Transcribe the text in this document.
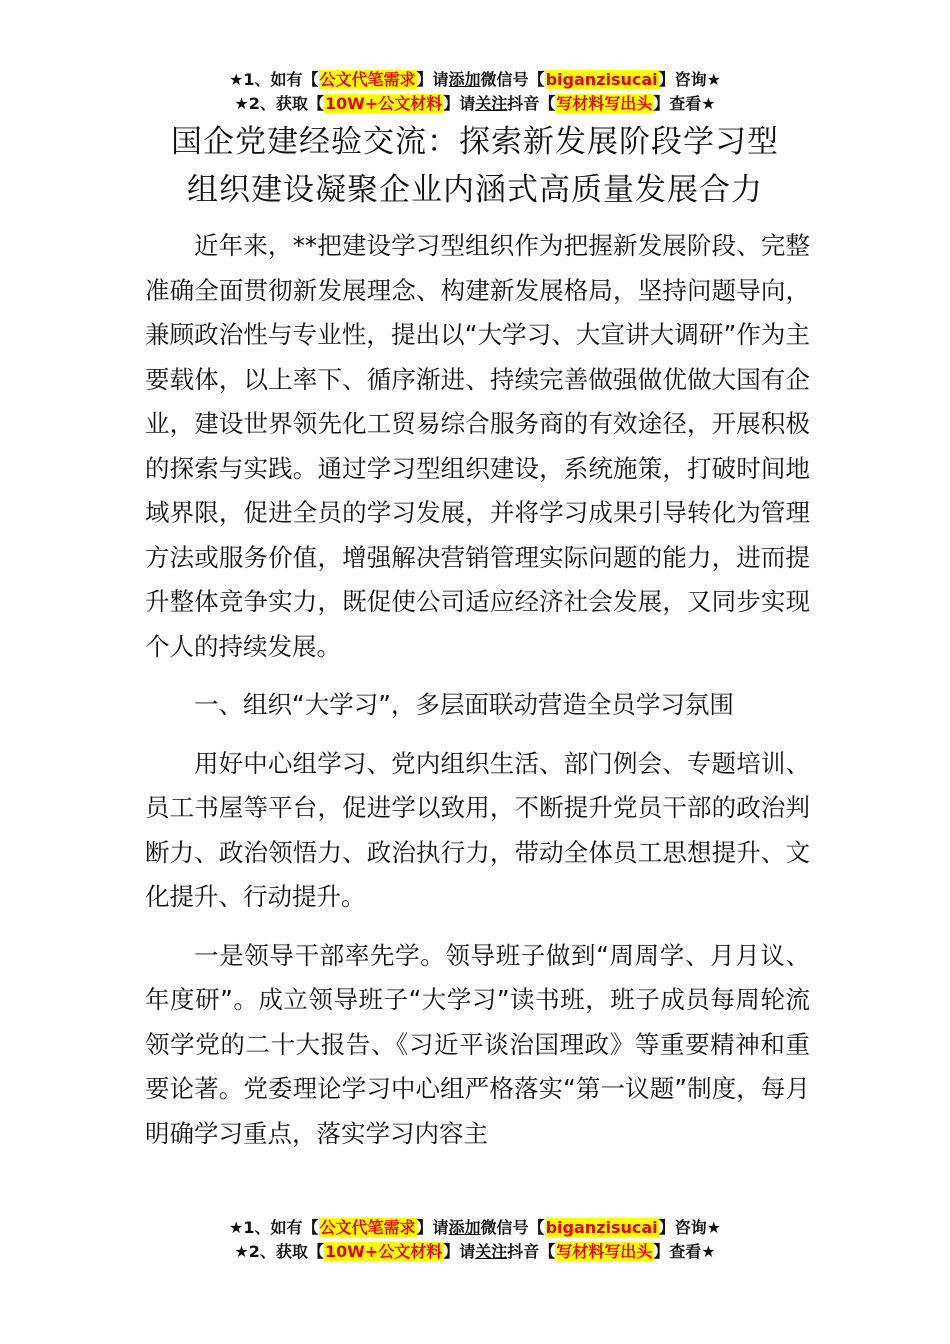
★1、如有【公文代笔需求】请添加微信号【biganzisucai】咨询★
★2、获取【10W+公文材料】请关注抖音【写材料写出头】查看★
国企党建经验交流：探索新发展阶段学习型
组织建设凝聚企业内涵式高质量发展合力

近年来，**把建设学习型组织作为把握新发展阶段、完整准确全面贯彻新发展理念、构建新发展格局，坚持问题导向，兼顾政治性与专业性，提出以“大学习、大宣讲大调研”作为主要载体，以上率下、循序渐进、持续完善做强做优做大国有企业，建设世界领先化工贸易综合服务商的有效途径，开展积极的探索与实践。通过学习型组织建设，系统施策，打破时间地域界限，促进全员的学习发展，并将学习成果引导转化为管理方法或服务价值，增强解决营销管理实际问题的能力，进而提升整体竞争实力，既促使公司适应经济社会发展，又同步实现个人的持续发展。

一、组织“大学习”，多层面联动营造全员学习氛围

用好中心组学习、党内组织生活、部门例会、专题培训、员工书屋等平台，促进学以致用，不断提升党员干部的政治判断力、政治领悟力、政治执行力，带动全体员工思想提升、文化提升、行动提升。

一是领导干部率先学。领导班子做到“周周学、月月议、年度研”。成立领导班子“大学习”读书班，班子成员每周轮流领学党的二十大报告、《习近平谈治国理政》等重要精神和重要论著。党委理论学习中心组严格落实“第一议题”制度，每月明确学习重点，落实学习内容主

★1、如有【公文代笔需求】请添加微信号【biganzisucai】咨询★
★2、获取【10W+公文材料】请关注抖音【写材料写出头】查看★
